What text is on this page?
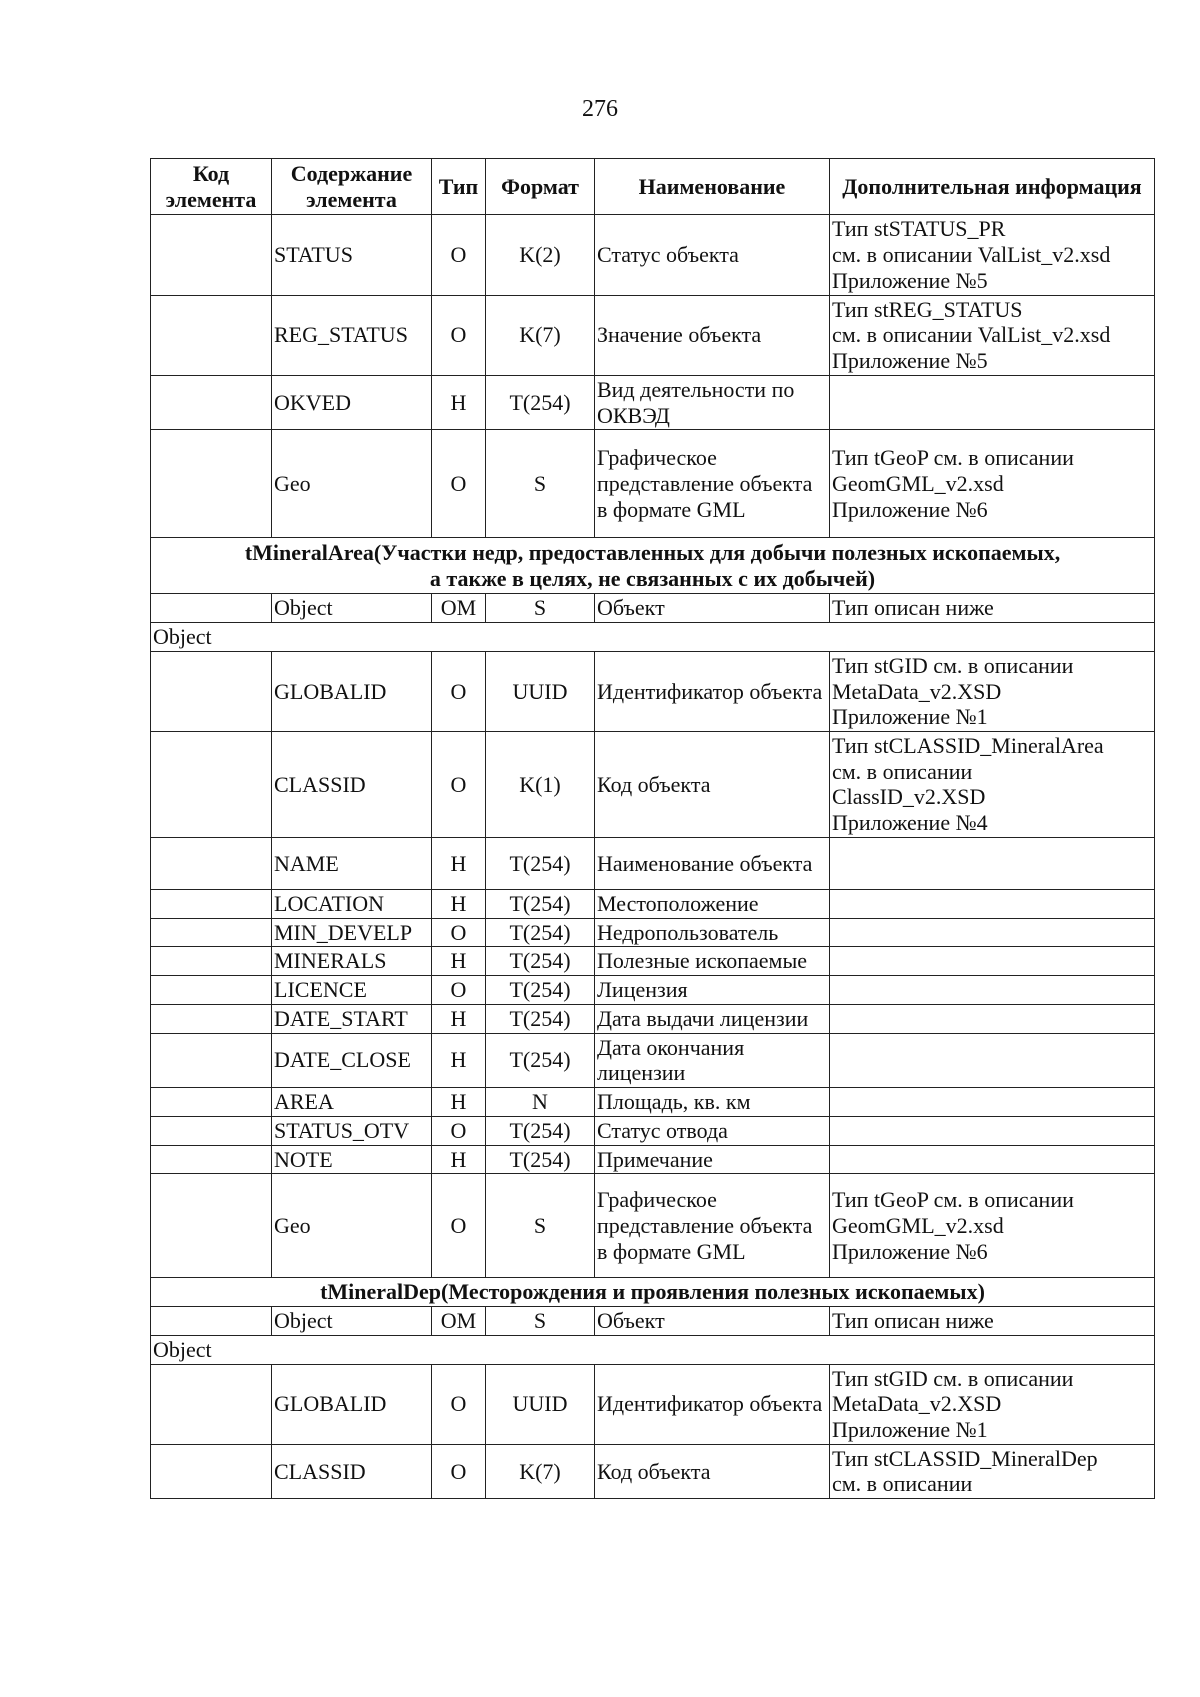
276
Код элемента	Содержание элемента	Тип	Формат	Наименование	Дополнительная информация
	STATUS	O	K(2)	Статус объекта	Тип stSTATUS_PR
см. в описании ValList_v2.xsd
Приложение №5

	REG_STATUS	O	K(7)	Значение объекта	Тип stREG_STATUS
см. в описании ValList_v2.xsd
Приложение №5

	OKVED	H	T(254)	Вид деятельности по ОКВЭД	
	Geo	O	S	Графическое представление объекта в формате GML	Тип tGeoP см. в описании GeomGML_v2.xsd
Приложение №6

tMineralArea(Участки недр, предоставленных для добычи полезных ископаемых,
а также в целях, не связанных с их добычей)					

	Object	OM	S	Объект	Тип описан ниже
Object					
	GLOBALID	O	UUID	Идентификатор объекта	Тип stGID см. в описании
MetaData_v2.XSD
Приложение №1

	CLASSID	O	K(1)	Код объекта	Тип stCLASSID_MineralArea
см. в описании
ClassID_v2.XSD
Приложение №4

	NAME	H	T(254)	Наименование объекта	
	LOCATION	H	T(254)	Местоположение	
	MIN_DEVELP	O	T(254)	Недропользователь	
	MINERALS	H	T(254)	Полезные ископаемые	
	LICENCE	O	T(254)	Лицензия	
	DATE_START	H	T(254)	Дата выдачи лицензии	
	DATE_CLOSE	H	T(254)	Дата окончания лицензии	
	AREA	H	N	Площадь, кв. км	
	STATUS_OTV	O	T(254)	Статус отвода	
	NOTE	H	T(254)	Примечание	
	Geo	O	S	Графическое представление объекта в формате GML	Тип tGeoP см. в описании
GeomGML_v2.xsd
Приложение №6

tMineralDep(Месторождения и проявления полезных ископаемых)					
	Object	OM	S	Объект	Тип описан ниже
Object					
	GLOBALID	O	UUID	Идентификатор объекта	Тип stGID см. в описании
MetaData_v2.XSD
Приложение №1

	CLASSID	O	K(7)	Код объекта	Тип stCLASSID_MineralDep
см. в описании
